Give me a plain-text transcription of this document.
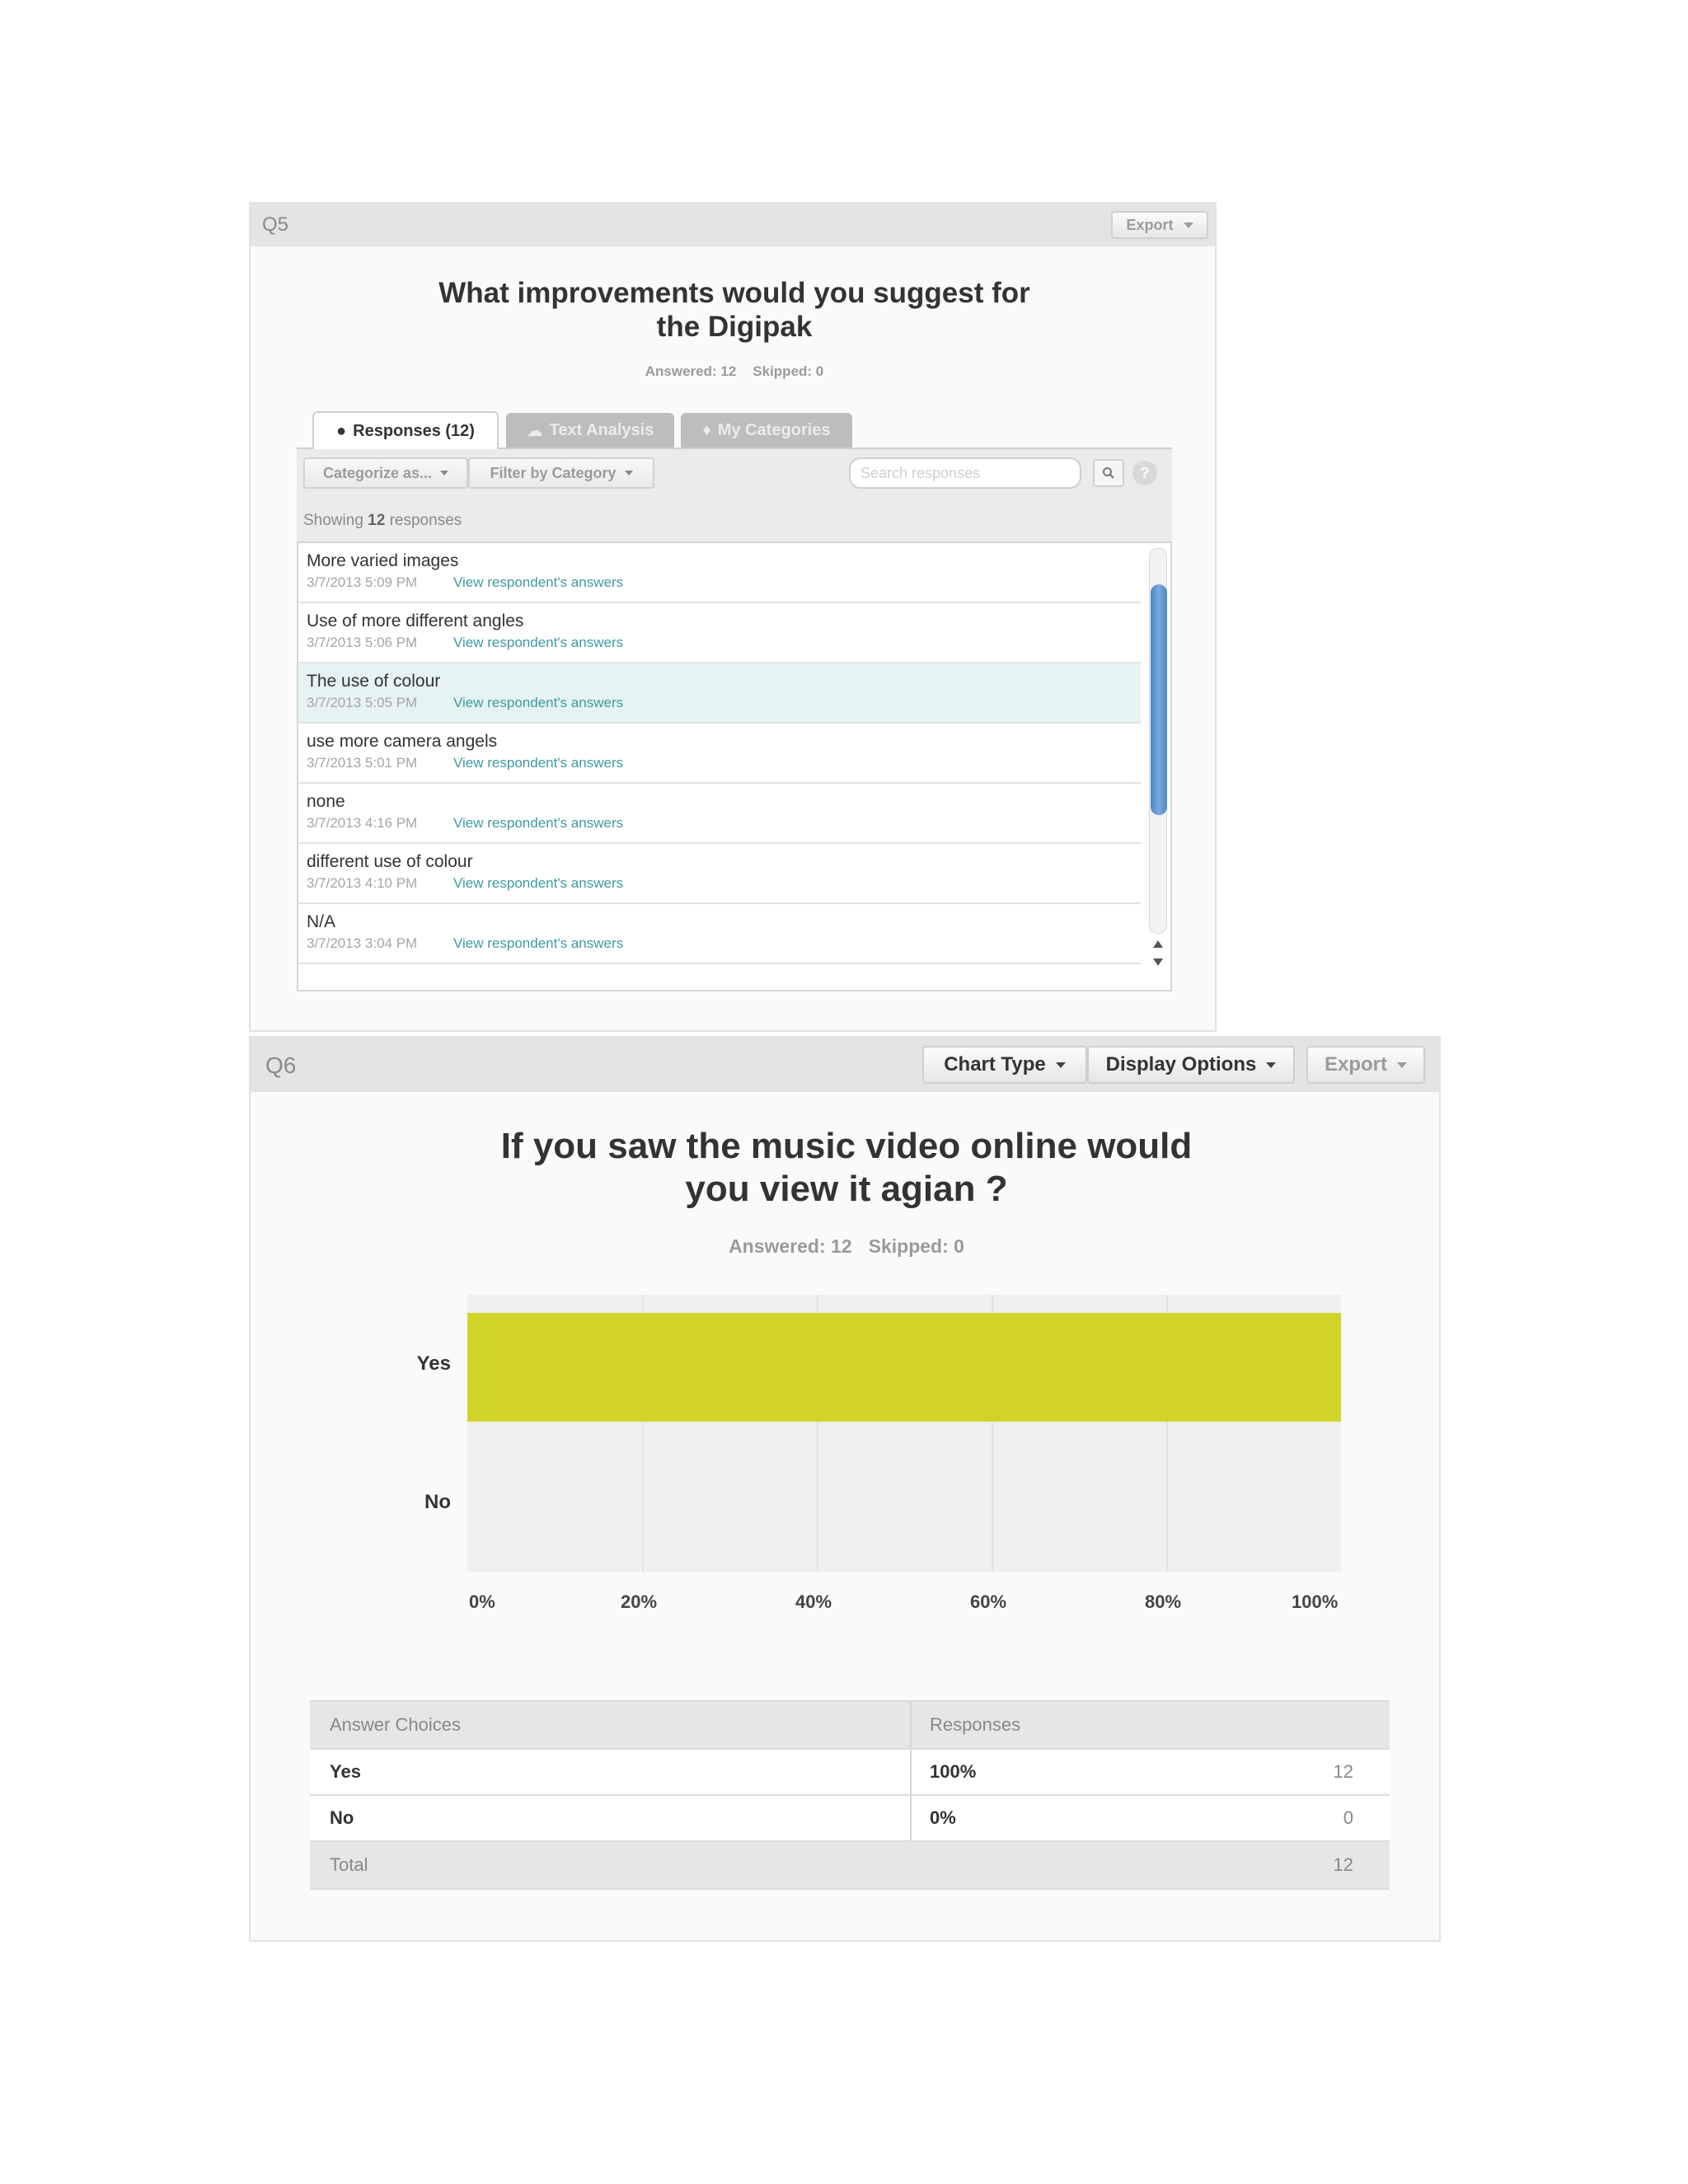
Q5	Export
What improvements would you suggest for
the Digipak
Answered: 12 Skipped: 0
● Responses (12)	☁ Text Analysis	♦ My Categories
Categorize as...	Filter by Category	Search responses	?
Showing 12 responses
More varied images
3/7/2013 5:09 PM	View respondent's answers
Use of more different angles
3/7/2013 5:06 PM	View respondent's answers
The use of colour
3/7/2013 5:05 PM	View respondent's answers
use more camera angels
3/7/2013 5:01 PM	View respondent's answers
none
3/7/2013 4:16 PM	View respondent's answers
different use of colour
3/7/2013 4:10 PM	View respondent's answers
N/A
3/7/2013 3:04 PM	View respondent's answers
Q6	Chart Type	Display Options	Export
If you saw the music video online would
you view it agian ?
Answered: 12 Skipped: 0
Yes
No
0%	20%	40%	60%	80%	100%
Answer Choices	Responses
Yes	100%	12
No	0%	0
Total	12
